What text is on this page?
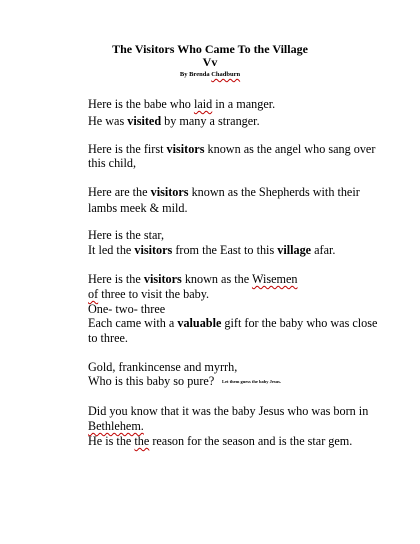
The Visitors Who Came To the Village
Vv
By Brenda Chadburn
Here is the babe who laid in a manger.
He was visited by many a stranger.
Here is the first visitors known as the angel who sang over
this child,
Here are the visitors known as the Shepherds with their
lambs meek & mild.
Here is the star,
It led the visitors from the East to this village afar.
Here is the visitors known as the Wisemen
of three to visit the baby.
One- two- three
Each came with a valuable gift for the baby who was close
to three.
Gold, frankincense and myrrh,
Who is this baby so pure? Let them guess the baby Jesus.
Did you know that it was the baby Jesus who was born in
Bethlehem.
He is the the reason for the season and is the star gem.
